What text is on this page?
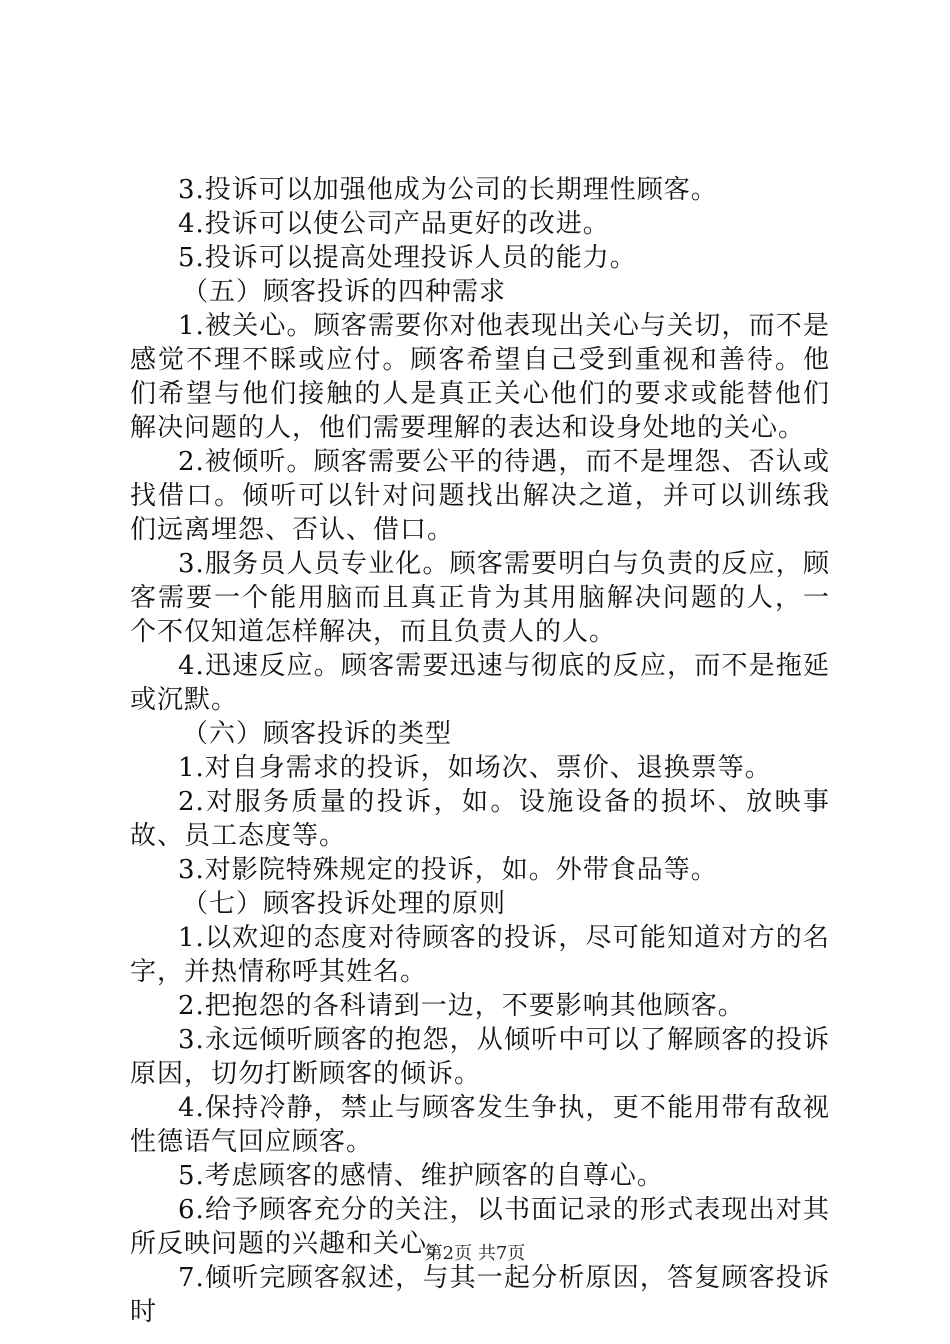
3.投诉可以加强他成为公司的长期理性顾客。

4.投诉可以使公司产品更好的改进。

5.投诉可以提高处理投诉人员的能力。

（五）顾客投诉的四种需求

1.被关心。顾客需要你对他表现出关心与关切，而不是感觉不理不睬或应付。顾客希望自己受到重视和善待。他们希望与他们接触的人是真正关心他们的要求或能替他们解决问题的人，他们需要理解的表达和设身处地的关心。

2.被倾听。顾客需要公平的待遇，而不是埋怨、否认或找借口。倾听可以针对问题找出解决之道，并可以训练我们远离埋怨、否认、借口。

3.服务员人员专业化。顾客需要明白与负责的反应，顾客需要一个能用脑而且真正肯为其用脑解决问题的人，一个不仅知道怎样解决，而且负责人的人。

4.迅速反应。顾客需要迅速与彻底的反应，而不是拖延或沉默。

（六）顾客投诉的类型

1.对自身需求的投诉，如场次、票价、退换票等。

2.对服务质量的投诉，如。设施设备的损坏、放映事故、员工态度等。

3.对影院特殊规定的投诉，如。外带食品等。

（七）顾客投诉处理的原则

1.以欢迎的态度对待顾客的投诉，尽可能知道对方的名字，并热情称呼其姓名。

2.把抱怨的各科请到一边，不要影响其他顾客。

3.永远倾听顾客的抱怨，从倾听中可以了解顾客的投诉原因，切勿打断顾客的倾诉。

4.保持冷静，禁止与顾客发生争执，更不能用带有敌视性德语气回应顾客。

5.考虑顾客的感情、维护顾客的自尊心。

6.给予顾客充分的关注，以书面记录的形式表现出对其所反映问题的兴趣和关心。

7.倾听完顾客叙述，与其一起分析原因，答复顾客投诉时

第2页 共7页
